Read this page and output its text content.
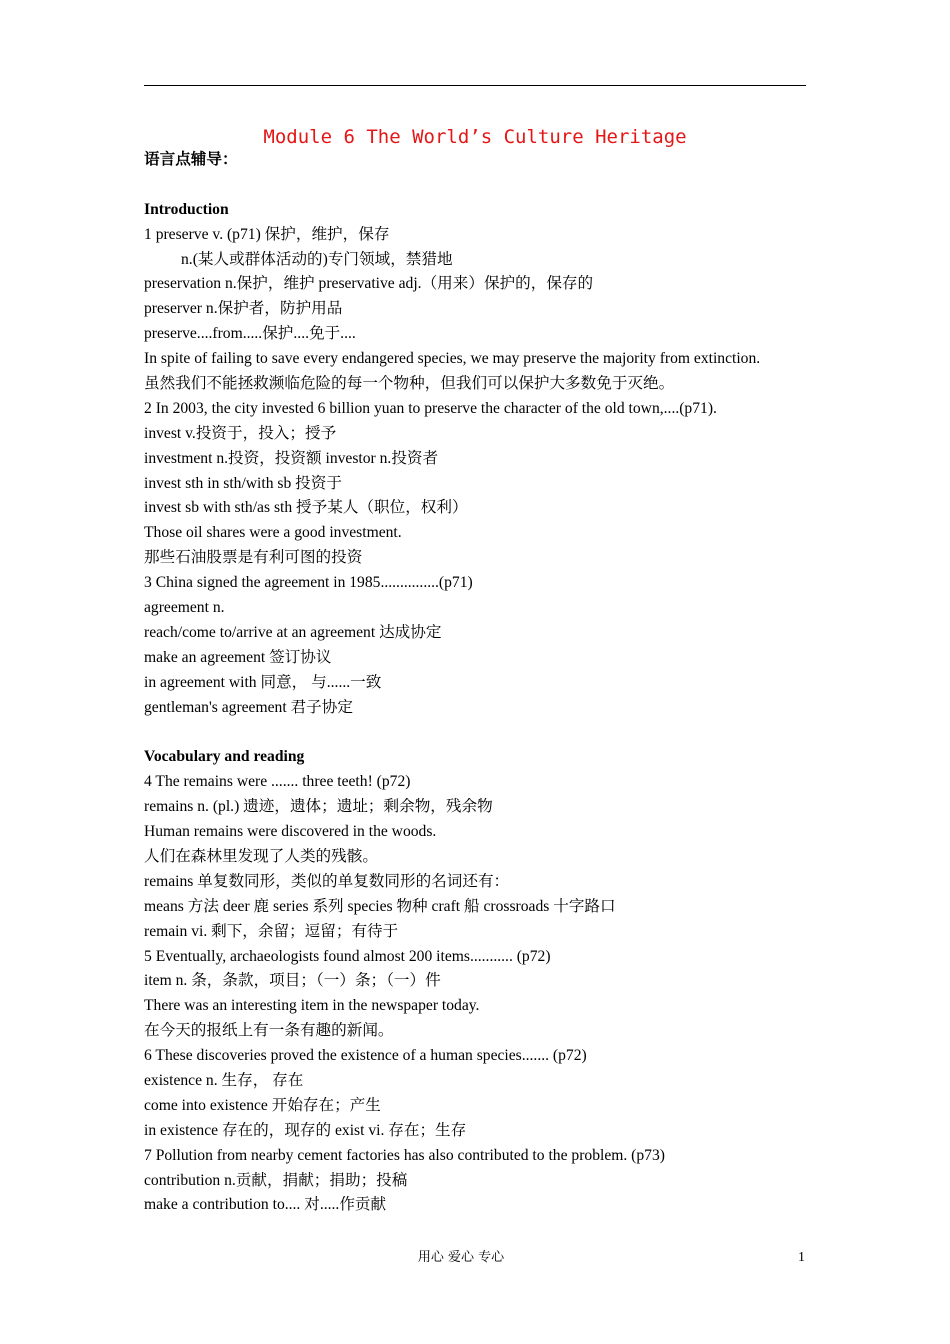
Module 6 The World’s Culture Heritage
语言点辅导：
Introduction
1 preserve v. (p71) 保护，维护，保存
n.(某人或群体活动的)专门领域，禁猎地
preservation n.保护，维护 preservative adj.（用来）保护的，保存的
preserver n.保护者，防护用品
preserve....from.....保护....免于....
In spite of failing to save every endangered species, we may preserve the majority from extinction.
虽然我们不能拯救濒临危险的每一个物种，但我们可以保护大多数免于灭绝。
2 In 2003, the city invested 6 billion yuan to preserve the character of the old town,....(p71).
invest v.投资于，投入；授予
investment n.投资，投资额 investor n.投资者
invest sth in sth/with sb 投资于
invest sb with sth/as sth 授予某人（职位，权利）
Those oil shares were a good investment.
那些石油股票是有利可图的投资
3 China signed the agreement in 1985...............(p71)
agreement n.
reach/come to/arrive at an agreement 达成协定
make an agreement 签订协议
in agreement with 同意， 与......一致
gentleman's agreement 君子协定
Vocabulary and reading
4 The remains were ....... three teeth! (p72)
remains n. (pl.) 遗迹，遗体；遗址；剩余物，残余物
Human remains were discovered in the woods.
人们在森林里发现了人类的残骸。
remains 单复数同形，类似的单复数同形的名词还有：
means 方法 deer 鹿 series 系列 species 物种 craft 船 crossroads 十字路口
remain vi. 剩下，余留；逗留；有待于
5 Eventually, archaeologists found almost 200 items........... (p72)
item n. 条，条款，项目；（一）条；（一）件
There was an interesting item in the newspaper today.
在今天的报纸上有一条有趣的新闻。
6 These discoveries proved the existence of a human species....... (p72)
existence n. 生存， 存在
come into existence 开始存在；产生
in existence 存在的，现存的 exist vi. 存在；生存
7 Pollution from nearby cement factories has also contributed to the problem. (p73)
contribution n.贡献，捐献；捐助；投稿
make a contribution to.... 对.....作贡献
用心 爱心 专心	1
